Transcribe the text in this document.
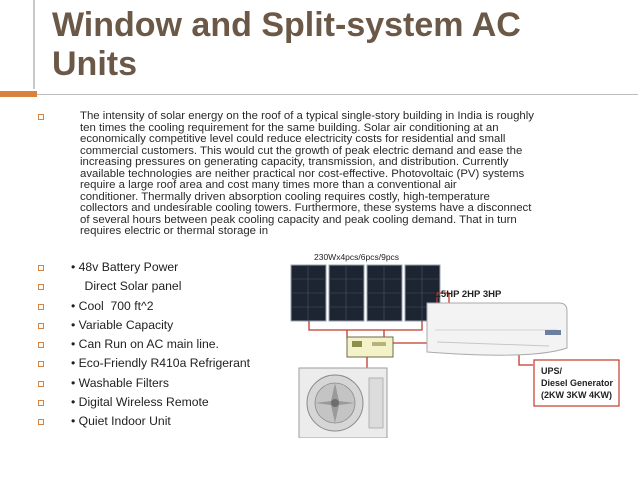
Window and Split-system AC
Units
The intensity of solar energy on the roof of a typical single-story building in India is roughly
ten times the cooling requirement for the same building. Solar air conditioning at an
economically competitive level could reduce electricity costs for residential and small
commercial customers. This would cut the growth of peak electric demand and ease the
increasing pressures on generating capacity, transmission, and distribution. Currently
available technologies are neither practical nor cost-effective. Photovoltaic (PV) systems
require a large roof area and cost many times more than a conventional air
conditioner. Thermally driven absorption cooling requires costly, high-temperature
collectors and undesirable cooling towers. Furthermore, these systems have a disconnect
of several hours between peak cooling capacity and peak cooling demand. That in turn
requires electric or thermal storage in
• 48v Battery Power
Direct Solar panel
• Cool  700 ft^2
• Variable Capacity
• Can Run on AC main line.
• Eco-Friendly R410a Refrigerant
• Washable Filters
• Digital Wireless Remote
• Quiet Indoor Unit
230Wx4pcs/6pcs/9pcs
1.5HP 2HP 3HP
UPS/
Diesel Generator
(2KW 3KW 4KW)
